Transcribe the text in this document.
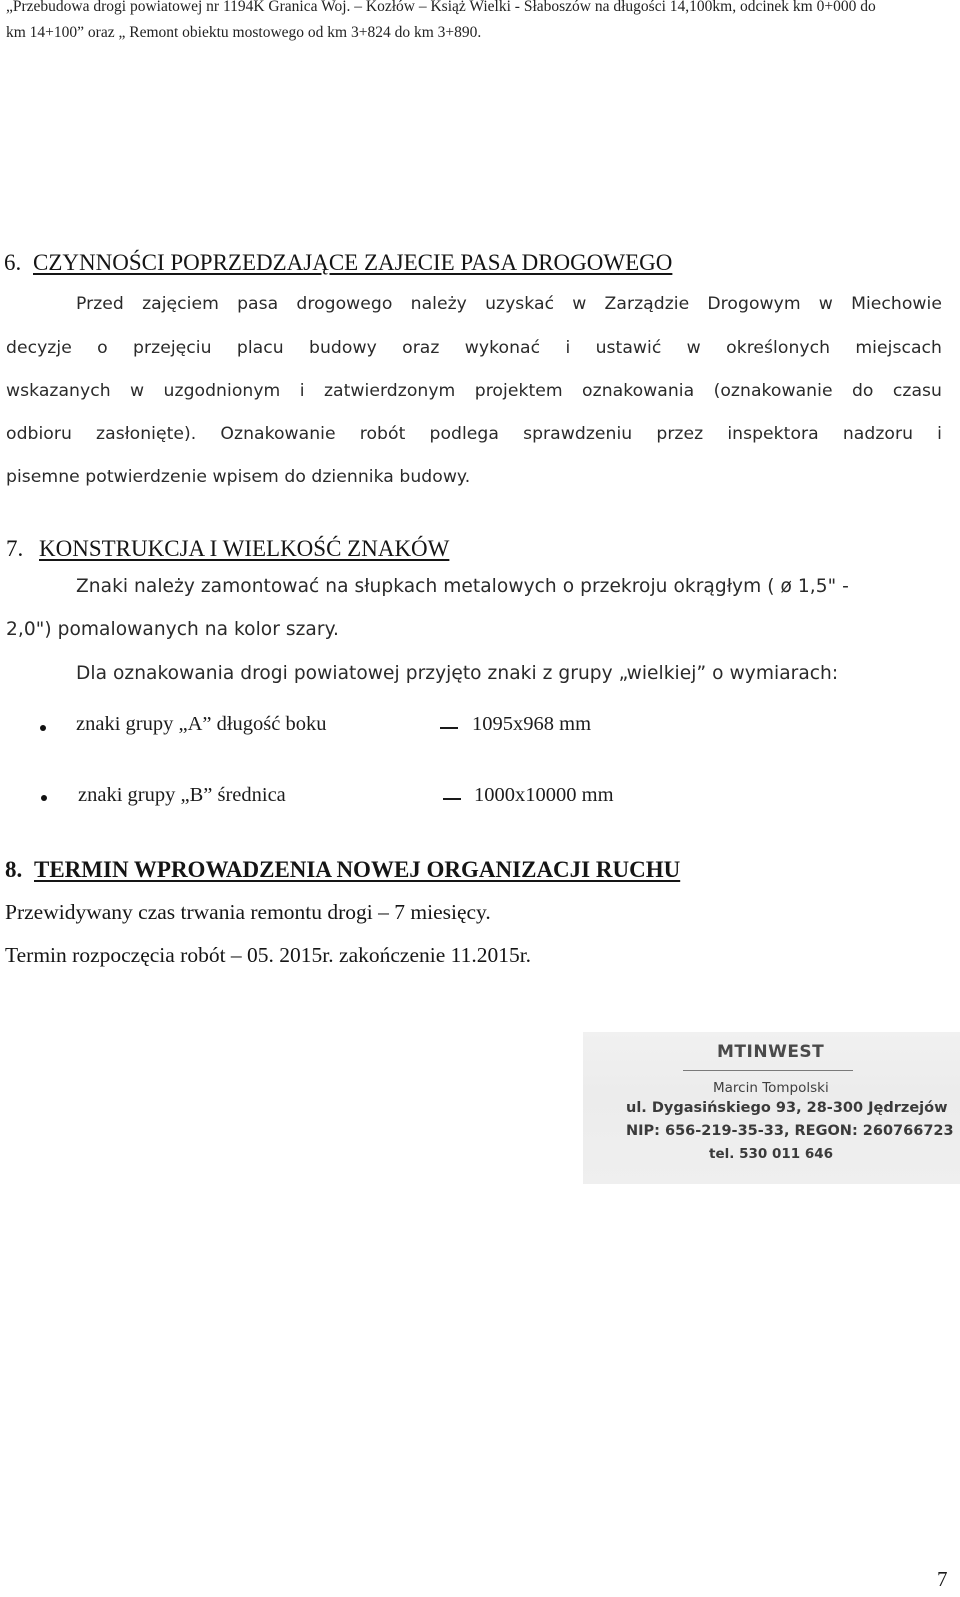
„Przebudowa drogi powiatowej nr 1194K Granica Woj. – Kozłów – Książ Wielki - Słaboszów na długości 14,100km, odcinek km 0+000 do
km 14+100” oraz „ Remont obiektu mostowego od km 3+824 do km 3+890.
6. CZYNNOŚCI POPRZEDZAJĄCE ZAJECIE PASA DROGOWEGO
Przed zajęciem pasa drogowego należy uzyskać w Zarządzie Drogowym w Miechowie
decyzje o przejęciu placu budowy oraz wykonać i ustawić w określonych miejscach
wskazanych w uzgodnionym i zatwierdzonym projektem oznakowania (oznakowanie do czasu
odbioru zasłonięte). Oznakowanie robót podlega sprawdzeniu przez inspektora nadzoru i
pisemne potwierdzenie wpisem do dziennika budowy.
7. KONSTRUKCJA I WIELKOŚĆ ZNAKÓW
Znaki należy zamontować na słupkach metalowych o przekroju okrągłym ( ø 1,5" -
2,0") pomalowanych na kolor szary.
Dla oznakowania drogi powiatowej przyjęto znaki z grupy „wielkiej” o wymiarach:
znaki grupy „A” długość boku	1095x968 mm
znaki grupy „B” średnica	1000x10000 mm
8. TERMIN WPROWADZENIA NOWEJ ORGANIZACJI RUCHU
Przewidywany czas trwania remontu drogi – 7 miesięcy.
Termin rozpoczęcia robót – 05. 2015r. zakończenie 11.2015r.
MTINWEST
Marcin Tompolski
ul. Dygasińskiego 93, 28-300 Jędrzejów
NIP: 656-219-35-33, REGON: 260766723
tel. 530 011 646
7
